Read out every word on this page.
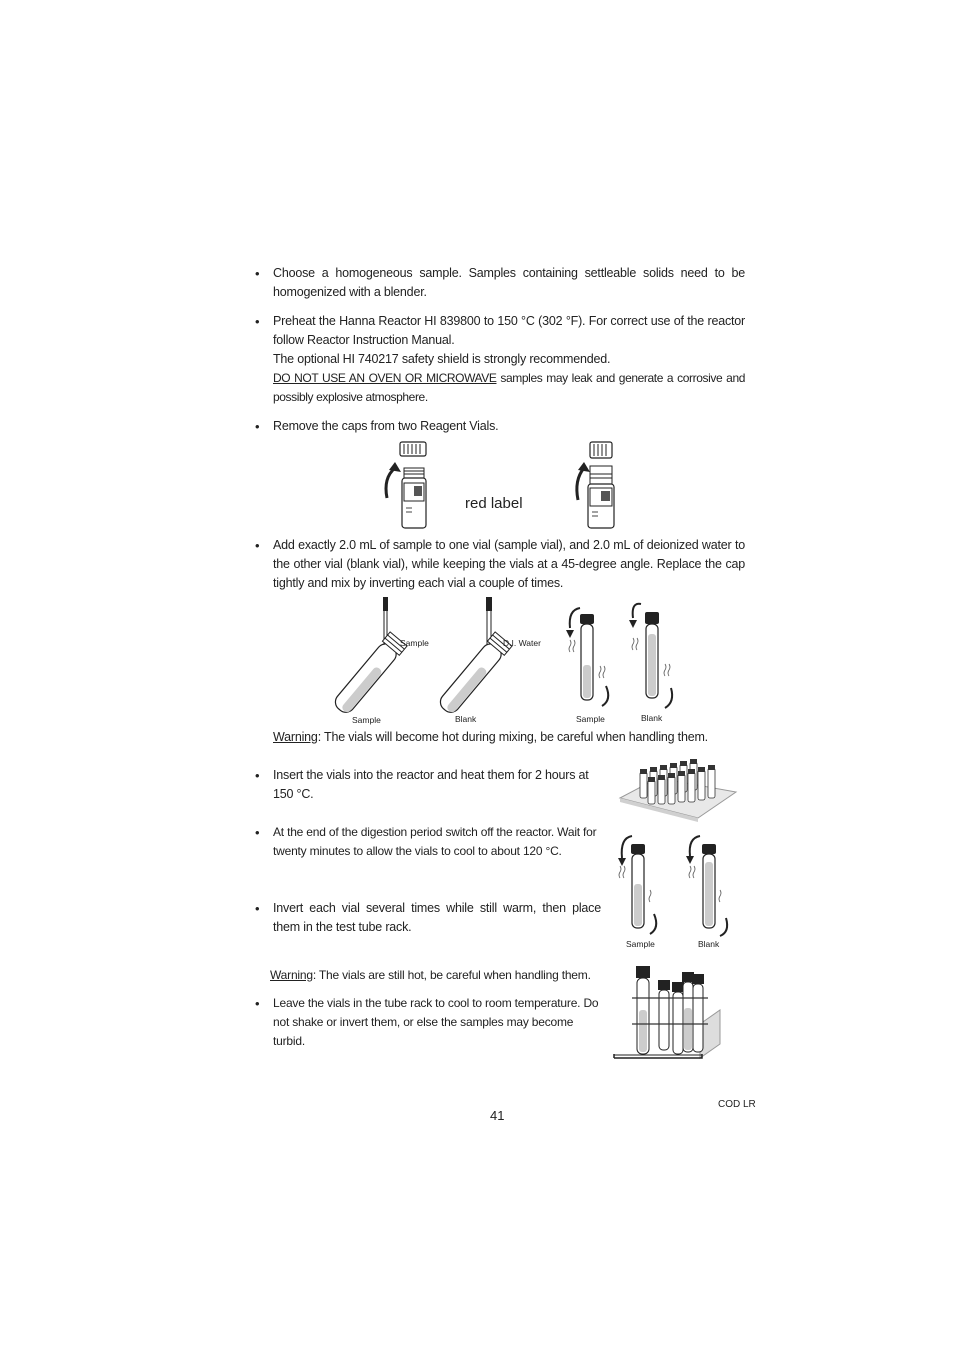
• Choose a homogeneous sample. Samples containing settleable solids need to be homogenized with a blender.
• Preheat the Hanna Reactor HI 839800 to 150 °C (302 °F). For correct use of the reactor follow Reactor Instruction Manual.
The optional HI 740217 safety shield is strongly recommended.
DO NOT USE AN OVEN OR MICROWAVE samples may leak and generate a corrosive and possibly explosive atmosphere.
• Remove the caps from two Reagent Vials.
red label
• Add exactly 2.0 mL of sample to one vial (sample vial), and 2.0 mL of deionized water to the other vial (blank vial), while keeping the vials at a 45-degree angle. Replace the cap tightly and mix by inverting each vial a couple of times.
Sample
Sample
D.I. Water
Blank	Sample	Blank
Warning: The vials will become hot during mixing, be careful when handling them.
• Insert the vials into the reactor and heat them for 2 hours at 150 °C.
• At the end of the digestion period switch off the reactor. Wait for twenty minutes to allow the vials to cool to about 120 °C.
• Invert each vial several times while still warm, then place them in the test tube rack.
Sample	Blank
Warning: The vials are still hot, be careful when handling them.
• Leave the vials in the tube rack to cool to room temperature. Do not shake or invert them, or else the samples may become turbid.
41
COD LR
